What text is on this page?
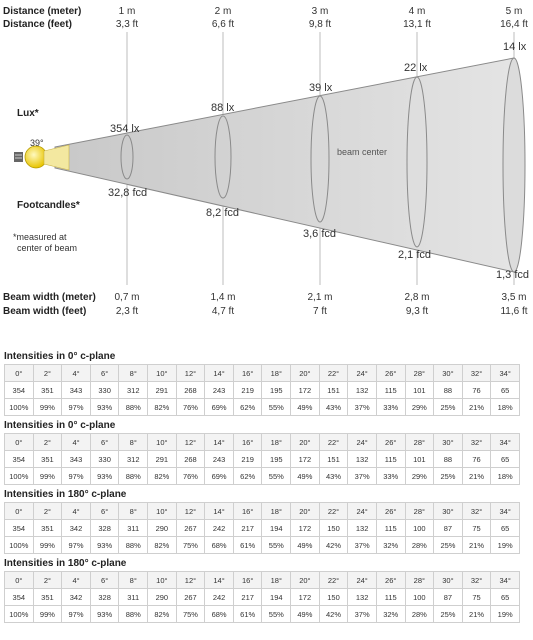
Distance (meter)
Distance (feet)
1 m	2 m	3 m	4 m	5 m
3,3 ft	6,6 ft	9,8 ft	13,1 ft	16,4 ft
39°
Lux*
Footcandles*
*measured at
center of beam
beam center
354 lx
88 lx
39 lx
22 lx
14 lx
32,8 fcd
8,2 fcd
3,6 fcd
2,1 fcd
1,3 fcd
Beam width (meter)
Beam width (feet)
0,7 m	1,4 m	2,1 m	2,8 m	3,5 m
2,3 ft	4,7 ft	7 ft	9,3 ft	11,6 ft
Intensities in 0° c-plane
0°	2°	4°	6°	8°	10°	12°	14°	16°	18°	20°	22°	24°	26°	28°	30°	32°	34°
354	351	343	330	312	291	268	243	219	195	172	151	132	115	101	88	76	65
100%	99%	97%	93%	88%	82%	76%	69%	62%	55%	49%	43%	37%	33%	29%	25%	21%	18%
Intensities in 0° c-plane
0°	2°	4°	6°	8°	10°	12°	14°	16°	18°	20°	22°	24°	26°	28°	30°	32°	34°
354	351	343	330	312	291	268	243	219	195	172	151	132	115	101	88	76	65
100%	99%	97%	93%	88%	82%	76%	69%	62%	55%	49%	43%	37%	33%	29%	25%	21%	18%
Intensities in 180° c-plane
0°	2°	4°	6°	8°	10°	12°	14°	16°	18°	20°	22°	24°	26°	28°	30°	32°	34°
354	351	342	328	311	290	267	242	217	194	172	150	132	115	100	87	75	65
100%	99%	97%	93%	88%	82%	75%	68%	61%	55%	49%	42%	37%	32%	28%	25%	21%	19%
Intensities in 180° c-plane
0°	2°	4°	6°	8°	10°	12°	14°	16°	18°	20°	22°	24°	26°	28°	30°	32°	34°
354	351	342	328	311	290	267	242	217	194	172	150	132	115	100	87	75	65
100%	99%	97%	93%	88%	82%	75%	68%	61%	55%	49%	42%	37%	32%	28%	25%	21%	19%
